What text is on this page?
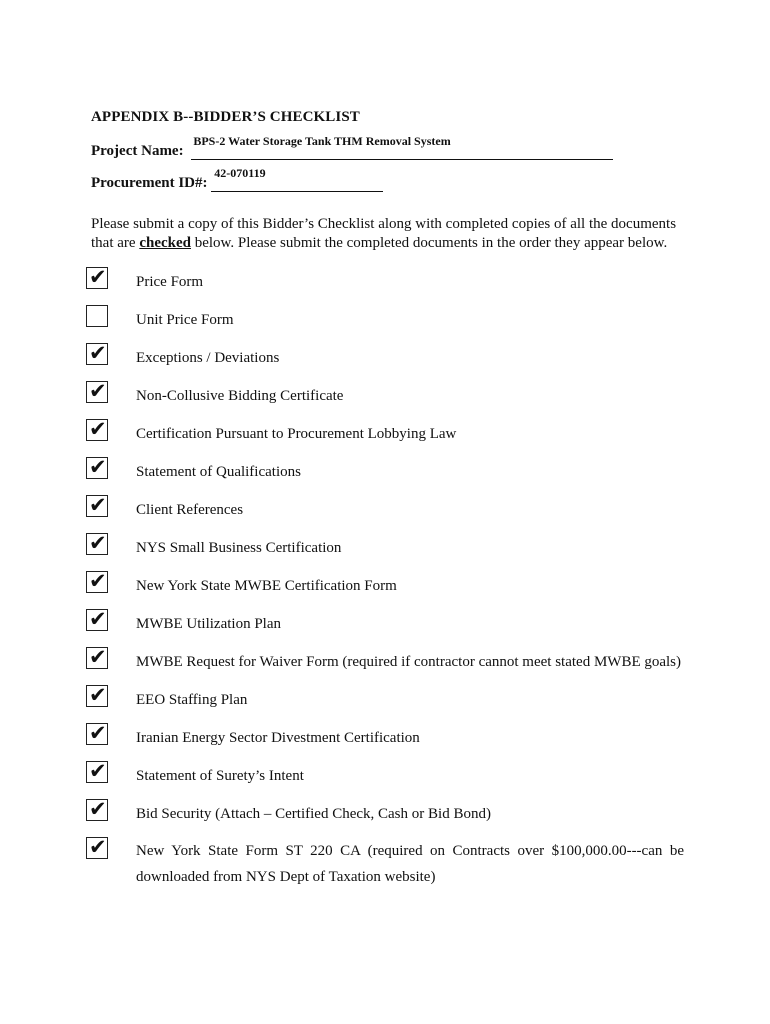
APPENDIX B--BIDDER’S CHECKLIST
Project Name:
BPS-2 Water Storage Tank THM Removal System
Procurement ID#:
42-070119
Please submit a copy of this Bidder’s Checklist along with completed copies of all the documents that are checked below. Please submit the completed documents in the order they appear below.
✔ Price Form
Unit Price Form
✔ Exceptions / Deviations
✔ Non-Collusive Bidding Certificate
✔ Certification Pursuant to Procurement Lobbying Law
✔ Statement of Qualifications
✔ Client References
✔ NYS Small Business Certification
✔ New York State MWBE Certification Form
✔ MWBE Utilization Plan
✔ MWBE Request for Waiver Form (required if contractor cannot meet stated MWBE goals)
✔ EEO Staffing Plan
✔ Iranian Energy Sector Divestment Certification
✔ Statement of Surety’s Intent
✔ Bid Security (Attach – Certified Check, Cash or Bid Bond)
✔ New York State Form ST 220 CA (required on Contracts over $100,000.00---can be downloaded from NYS Dept of Taxation website)
